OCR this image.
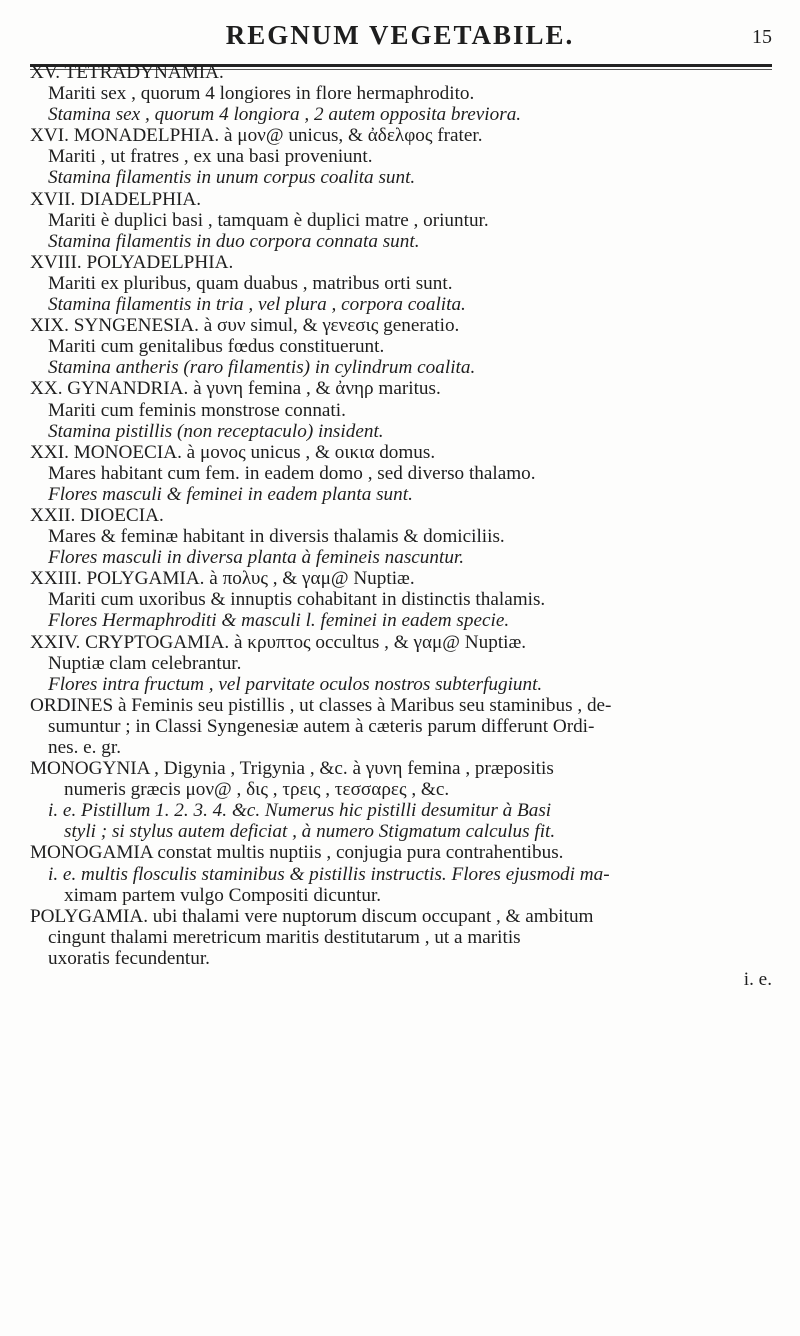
REGNUM VEGETABILE.	15
XV. TETRADYNAMIA.
Mariti sex , quorum 4 longiores in flore hermaphrodito.
Stamina sex , quorum 4 longiora , 2 autem opposita breviora.
XVI. MONADELPHIA. à μον@ unicus, & ἀδελφος frater.
Mariti , ut fratres , ex una basi proveniunt.
Stamina filamentis in unum corpus coalita sunt.
XVII. DIADELPHIA.
Mariti è duplici basi , tamquam è duplici matre , oriuntur.
Stamina filamentis in duo corpora connata sunt.
XVIII. POLYADELPHIA.
Mariti ex pluribus, quam duabus , matribus orti sunt.
Stamina filamentis in tria , vel plura , corpora coalita.
XIX. SYNGENESIA. à συν simul, & γενεσις generatio.
Mariti cum genitalibus fœdus constituerunt.
Stamina antheris (raro filamentis) in cylindrum coalita.
XX. GYNANDRIA. à γυνη femina , & ἀνηρ maritus.
Mariti cum feminis monstrose connati.
Stamina pistillis (non receptaculo) insident.
XXI. MONOECIA. à μονος unicus , & οικια domus.
Mares habitant cum fem. in eadem domo , sed diverso thalamo.
Flores masculi & feminei in eadem planta sunt.
XXII. DIOECIA.
Mares & feminæ habitant in diversis thalamis & domiciliis.
Flores masculi in diversa planta à femineis nascuntur.
XXIII. POLYGAMIA. à πολυς , & γαμ@ Nuptiæ.
Mariti cum uxoribus & innuptis cohabitant in distinctis thalamis.
Flores Hermaphroditi & masculi l. feminei in eadem specie.
XXIV. CRYPTOGAMIA. à κρυπτος occultus , & γαμ@ Nuptiæ.
Nuptiæ clam celebrantur.
Flores intra fructum , vel parvitate oculos nostros subterfugiunt.
ORDINES à Feminis seu pistillis , ut classes à Maribus seu staminibus , de-
sumuntur ; in Classi Syngenesiæ autem à cæteris parum differunt Ordi-
nes. e. gr.
MONOGYNIA , Digynia , Trigynia , &c. à γυνη femina , præpositis
numeris græcis μον@ , δις , τρεις , τεσσαρες , &c.
i. e. Pistillum 1. 2. 3. 4. &c. Numerus hic pistilli desumitur à Basi
styli ; si stylus autem deficiat , à numero Stigmatum calculus fit.
MONOGAMIA constat multis nuptiis , conjugia pura contrahentibus.
i. e. multis flosculis staminibus & pistillis instructis. Flores ejusmodi ma-
ximam partem vulgo Compositi dicuntur.
POLYGAMIA. ubi thalami vere nuptorum discum occupant , & ambitum
cingunt thalami meretricum maritis destitutarum , ut a maritis
uxoratis fecundentur.
i. e.
